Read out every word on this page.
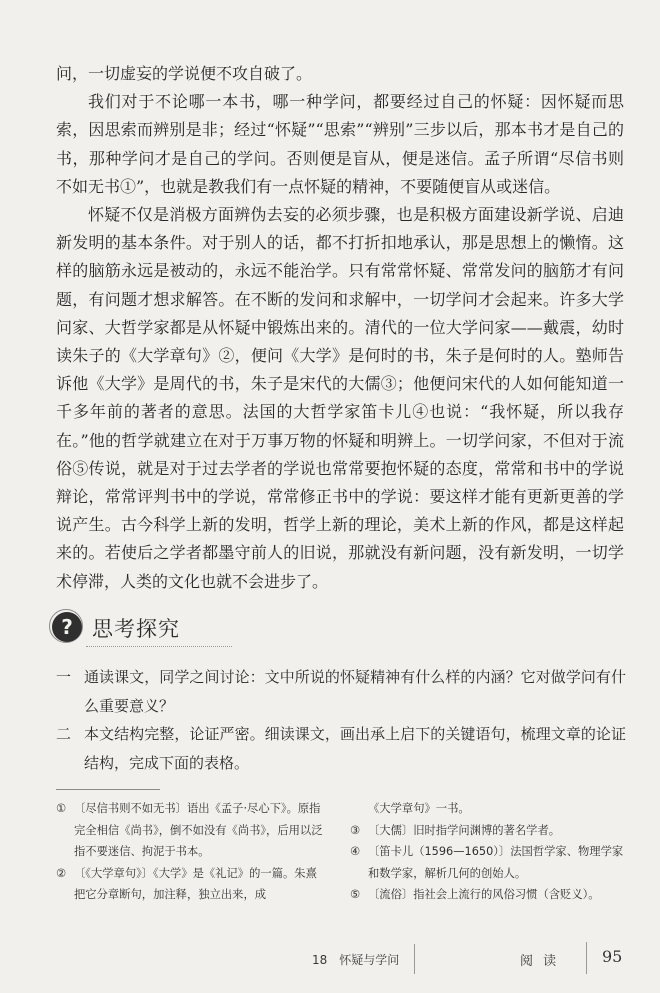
问，一切虚妄的学说便不攻自破了。

我们对于不论哪一本书，哪一种学问，都要经过自己的怀疑：因怀疑而思索，因思索而辨别是非；经过“怀疑”“思索”“辨别”三步以后，那本书才是自己的书，那种学问才是自己的学问。否则便是盲从，便是迷信。孟子所谓“尽信书则不如无书①”，也就是教我们有一点怀疑的精神，不要随便盲从或迷信。

怀疑不仅是消极方面辨伪去妄的必须步骤，也是积极方面建设新学说、启迪新发明的基本条件。对于别人的话，都不打折扣地承认，那是思想上的懒惰。这样的脑筋永远是被动的，永远不能治学。只有常常怀疑、常常发问的脑筋才有问题，有问题才想求解答。在不断的发问和求解中，一切学问才会起来。许多大学问家、大哲学家都是从怀疑中锻炼出来的。清代的一位大学问家——戴震，幼时读朱子的《大学章句》②，便问《大学》是何时的书，朱子是何时的人。塾师告诉他《大学》是周代的书，朱子是宋代的大儒③；他便问宋代的人如何能知道一千多年前的著者的意思。法国的大哲学家笛卡儿④也说：“我怀疑，所以我存在。”他的哲学就建立在对于万事万物的怀疑和明辨上。一切学问家，不但对于流俗⑤传说，就是对于过去学者的学说也常常要抱怀疑的态度，常常和书中的学说辩论，常常评判书中的学说，常常修正书中的学说：要这样才能有更新更善的学说产生。古今科学上新的发明，哲学上新的理论，美术上新的作风，都是这样起来的。若使后之学者都墨守前人的旧说，那就没有新问题，没有新发明，一切学术停滞，人类的文化也就不会进步了。

? 思考探究
一 通读课文，同学之间讨论：文中所说的怀疑精神有什么样的内涵？它对做学问有什么重要意义？
二 本文结构完整，论证严密。细读课文，画出承上启下的关键语句，梳理文章的论证结构，完成下面的表格。
① 〔尽信书则不如无书〕语出《孟子·尽心下》。原指完全相信《尚书》，倒不如没有《尚书》，后用以泛指不要迷信、拘泥于书本。
② 〔《大学章句》〕《大学》是《礼记》的一篇。朱熹把它分章断句，加注释，独立出来，成
《大学章句》一书。
③ 〔大儒〕旧时指学问渊博的著名学者。
④ 〔笛卡儿（1596—1650）〕法国哲学家、物理学家和数学家，解析几何的创始人。
⑤ 〔流俗〕指社会上流行的风俗习惯（含贬义）。
18　怀疑与学问	阅 读	95
